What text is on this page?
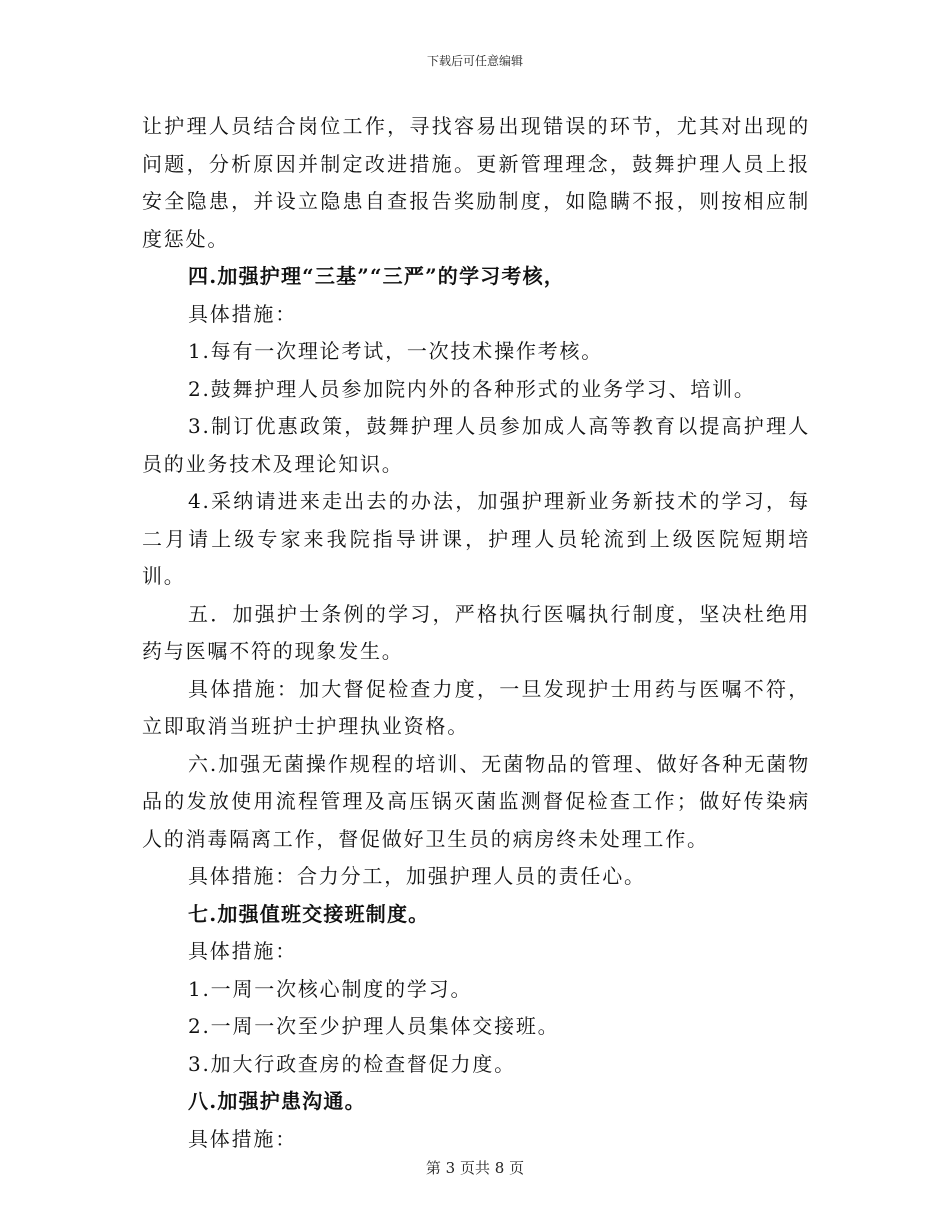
下载后可任意编辑

让护理人员结合岗位工作，寻找容易出现错误的环节，尤其对出现的问题，分析原因并制定改进措施。更新管理理念，鼓舞护理人员上报安全隐患，并设立隐患自查报告奖励制度，如隐瞒不报，则按相应制度惩处。

四.加强护理“三基”“三严”的学习考核，

具体措施：

1.每有一次理论考试，一次技术操作考核。

2.鼓舞护理人员参加院内外的各种形式的业务学习、培训。

3.制订优惠政策，鼓舞护理人员参加成人高等教育以提高护理人员的业务技术及理论知识。

4.采纳请进来走出去的办法，加强护理新业务新技术的学习，每二月请上级专家来我院指导讲课，护理人员轮流到上级医院短期培训。

五．加强护士条例的学习，严格执行医嘱执行制度，坚决杜绝用药与医嘱不符的现象发生。

具体措施：加大督促检查力度，一旦发现护士用药与医嘱不符，立即取消当班护士护理执业资格。

六.加强无菌操作规程的培训、无菌物品的管理、做好各种无菌物品的发放使用流程管理及高压锅灭菌监测督促检查工作；做好传染病人的消毒隔离工作，督促做好卫生员的病房终未处理工作。

具体措施：合力分工，加强护理人员的责任心。

七.加强值班交接班制度。

具体措施：

1.一周一次核心制度的学习。

2.一周一次至少护理人员集体交接班。

3.加大行政查房的检查督促力度。

八.加强护患沟通。

具体措施：

第 3 页共 8 页
